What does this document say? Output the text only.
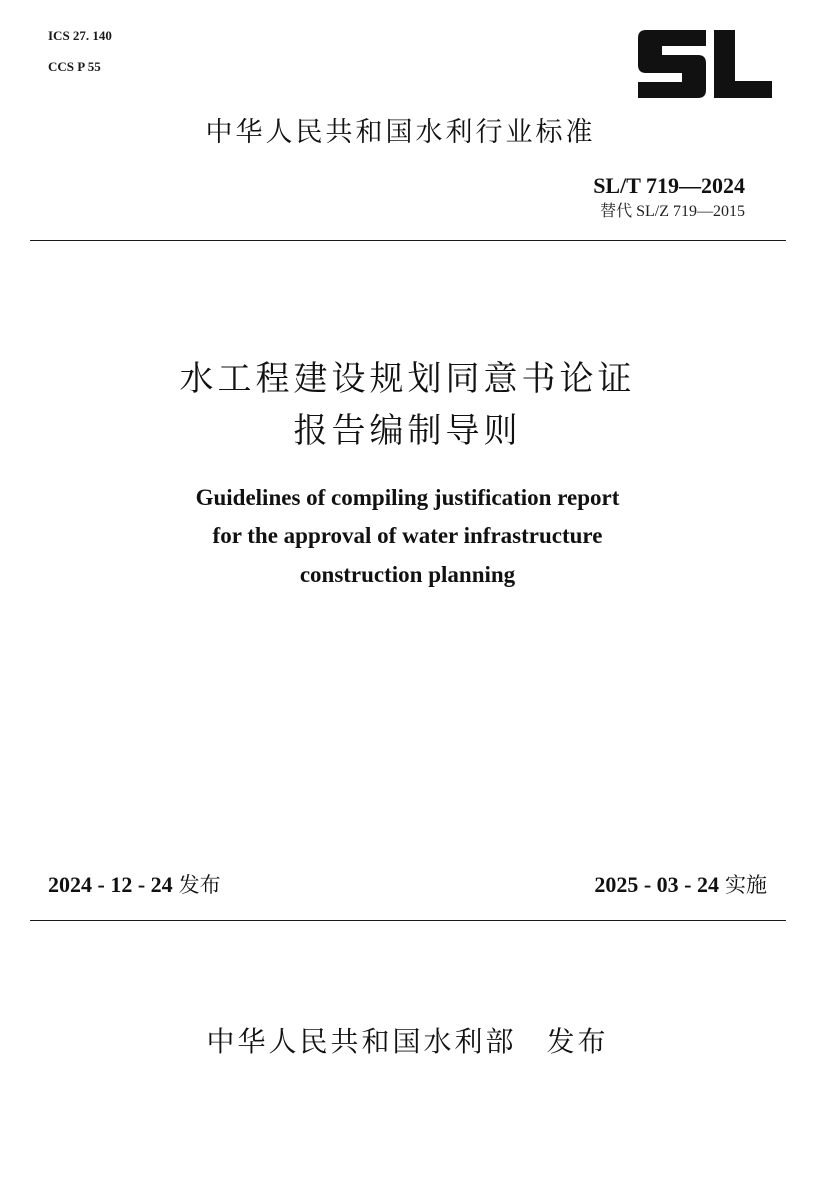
ICS 27. 140
CCS P 55
中华人民共和国水利行业标准
SL/T 719—2024
替代 SL/Z 719—2015
水工程建设规划同意书论证
报告编制导则
Guidelines of compiling justification report
for the approval of water infrastructure
construction planning
2024 - 12 - 24 发布	2025 - 03 - 24 实施
中华人民共和国水利部 发布
